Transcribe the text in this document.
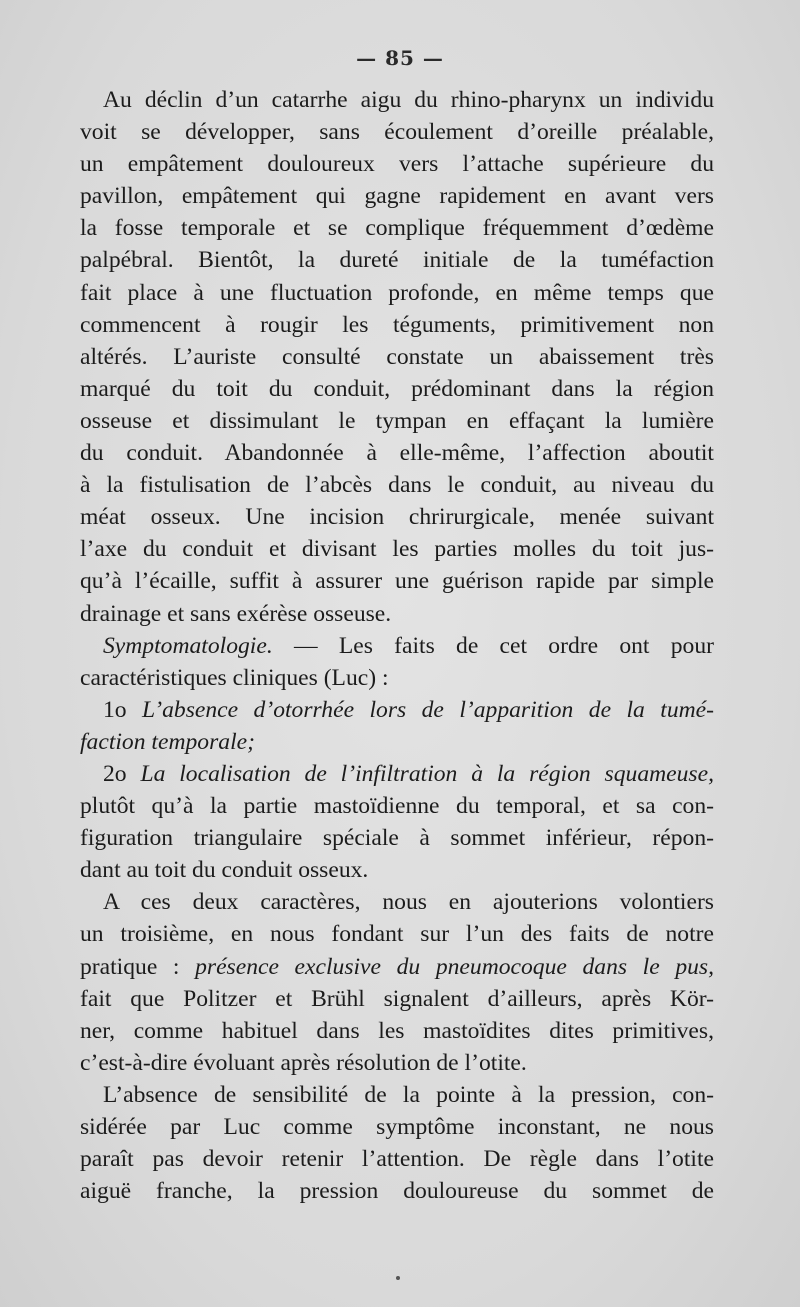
— 85 —

Au déclin d’un catarrhe aigu du rhino-pharynx un individu

voit se développer, sans écoulement d’oreille préalable,

un empâtement douloureux vers l’attache supérieure du

pavillon, empâtement qui gagne rapidement en avant vers

la fosse temporale et se complique fréquemment d’œdème

palpébral. Bientôt, la dureté initiale de la tuméfaction

fait place à une fluctuation profonde, en même temps que

commencent à rougir les téguments, primitivement non

altérés. L’auriste consulté constate un abaissement très

marqué du toit du conduit, prédominant dans la région

osseuse et dissimulant le tympan en effaçant la lumière

du conduit. Abandonnée à elle-même, l’affection aboutit

à la fistulisation de l’abcès dans le conduit, au niveau du

méat osseux. Une incision chrirurgicale, menée suivant

l’axe du conduit et divisant les parties molles du toit jus-

qu’à l’écaille, suffit à assurer une guérison rapide par simple

drainage et sans exérèse osseuse.

Symptomatologie. — Les faits de cet ordre ont pour

caractéristiques cliniques (Luc) :

1o L’absence d’otorrhée lors de l’apparition de la tumé-

faction temporale;

2o La localisation de l’infiltration à la région squameuse,

plutôt qu’à la partie mastoïdienne du temporal, et sa con-

figuration triangulaire spéciale à sommet inférieur, répon-

dant au toit du conduit osseux.

A ces deux caractères, nous en ajouterions volontiers

un troisième, en nous fondant sur l’un des faits de notre

pratique : présence exclusive du pneumocoque dans le pus,

fait que Politzer et Brühl signalent d’ailleurs, après Kör-

ner, comme habituel dans les mastoïdites dites primitives,

c’est-à-dire évoluant après résolution de l’otite.

L’absence de sensibilité de la pointe à la pression, con-

sidérée par Luc comme symptôme inconstant, ne nous

paraît pas devoir retenir l’attention. De règle dans l’otite

aiguë franche, la pression douloureuse du sommet de
